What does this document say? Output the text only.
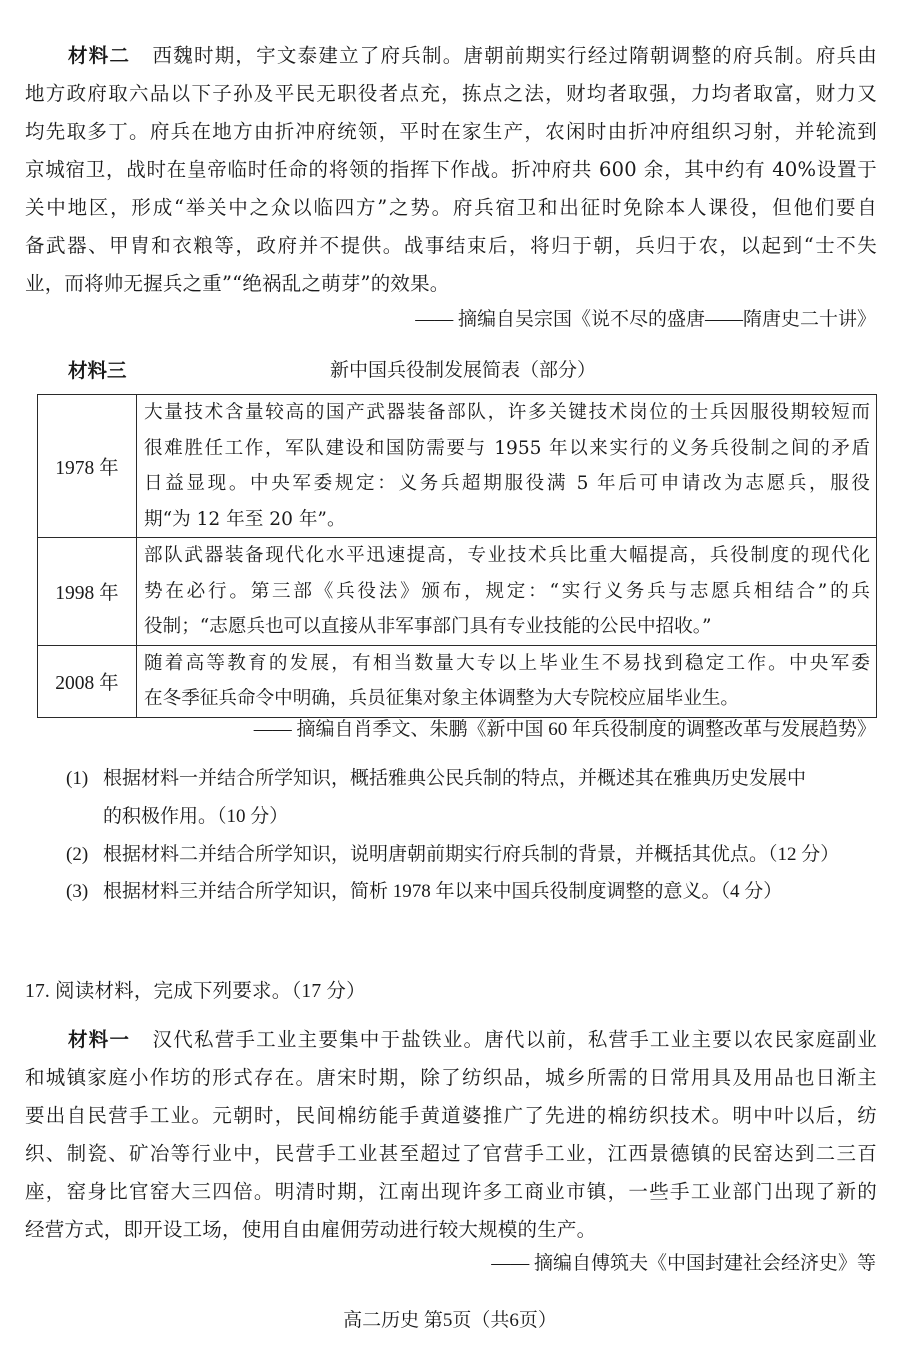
材料二 西魏时期，宇文泰建立了府兵制。唐朝前期实行经过隋朝调整的府兵制。府兵由
地方政府取六品以下子孙及平民无职役者点充，拣点之法，财均者取强，力均者取富，财力又
均先取多丁。府兵在地方由折冲府统领，平时在家生产，农闲时由折冲府组织习射，并轮流到
京城宿卫，战时在皇帝临时任命的将领的指挥下作战。折冲府共 600 余，其中约有 40%设置于
关中地区，形成“举关中之众以临四方”之势。府兵宿卫和出征时免除本人课役，但他们要自
备武器、甲胄和衣粮等，政府并不提供。战事结束后，将归于朝，兵归于农，以起到“士不失
业，而将帅无握兵之重”“绝祸乱之萌芽”的效果。
—— 摘编自吴宗国《说不尽的盛唐——隋唐史二十讲》
材料三	新中国兵役制发展简表（部分）
1978 年	大量技术含量较高的国产武器装备部队，许多关键技术岗位的士兵因服役期较短而
很难胜任工作，军队建设和国防需要与 1955 年以来实行的义务兵役制之间的矛盾
日益显现。中央军委规定：义务兵超期服役满 5 年后可申请改为志愿兵，服役
期“为 12 年至 20 年”。

1998 年	部队武器装备现代化水平迅速提高，专业技术兵比重大幅提高，兵役制度的现代化
势在必行。第三部《兵役法》颁布，规定：“实行义务兵与志愿兵相结合”的兵
役制；“志愿兵也可以直接从非军事部门具有专业技能的公民中招收。”

2008 年	随着高等教育的发展，有相当数量大专以上毕业生不易找到稳定工作。中央军委
在冬季征兵命令中明确，兵员征集对象主体调整为大专院校应届毕业生。
—— 摘编自肖季文、朱鹏《新中国 60 年兵役制度的调整改革与发展趋势》
(1) 根据材料一并结合所学知识，概括雅典公民兵制的特点，并概述其在雅典历史发展中
的积极作用。（10 分）
(2) 根据材料二并结合所学知识，说明唐朝前期实行府兵制的背景，并概括其优点。（12 分）
(3) 根据材料三并结合所学知识，简析 1978 年以来中国兵役制度调整的意义。（4 分）
17. 阅读材料，完成下列要求。（17 分）
材料一 汉代私营手工业主要集中于盐铁业。唐代以前，私营手工业主要以农民家庭副业
和城镇家庭小作坊的形式存在。唐宋时期，除了纺织品，城乡所需的日常用具及用品也日渐主
要出自民营手工业。元朝时，民间棉纺能手黄道婆推广了先进的棉纺织技术。明中叶以后，纺
织、制瓷、矿冶等行业中，民营手工业甚至超过了官营手工业，江西景德镇的民窑达到二三百
座，窑身比官窑大三四倍。明清时期，江南出现许多工商业市镇，一些手工业部门出现了新的
经营方式，即开设工场，使用自由雇佣劳动进行较大规模的生产。
—— 摘编自傅筑夫《中国封建社会经济史》等
高二历史 第5页（共6页）
